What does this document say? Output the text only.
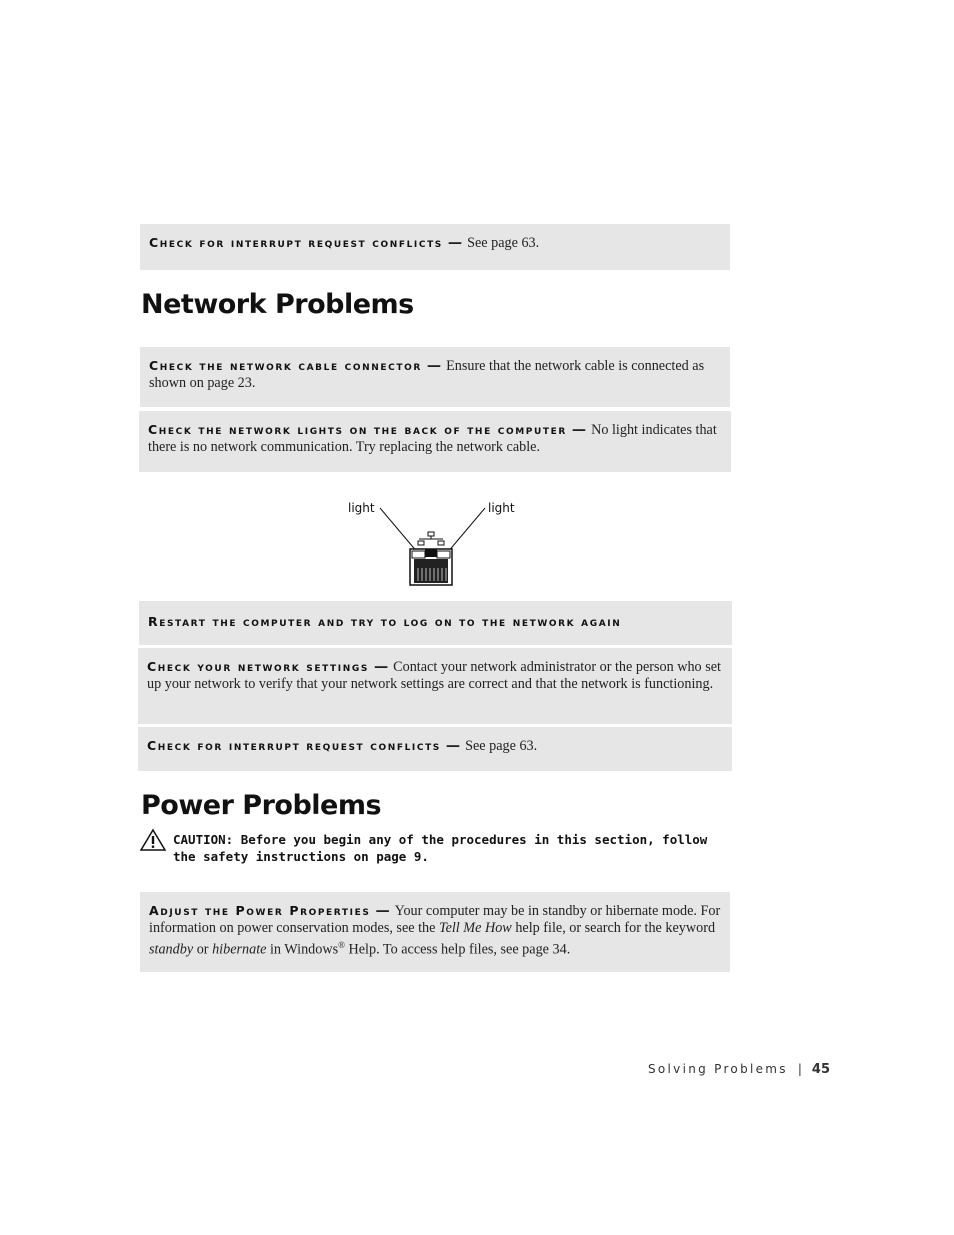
Check for interrupt request conflicts — See page 63.
Network Problems
Check the network cable connector — Ensure that the network cable is connected as shown on page 23.
Check the network lights on the back of the computer — No light indicates that there is no network communication. Try replacing the network cable.
light	light
Restart the computer and try to log on to the network again
Check your network settings — Contact your network administrator or the person who set up your network to verify that your network settings are correct and that the network is functioning.
Check for interrupt request conflicts — See page 63.
Power Problems
CAUTION: Before you begin any of the procedures in this section, follow the safety instructions on page 9.
Adjust the Power Properties — Your computer may be in standby or hibernate mode. For information on power conservation modes, see the Tell Me How help file, or search for the keyword standby or hibernate in Windows® Help. To access help files, see page 34.
Solving Problems | 45
